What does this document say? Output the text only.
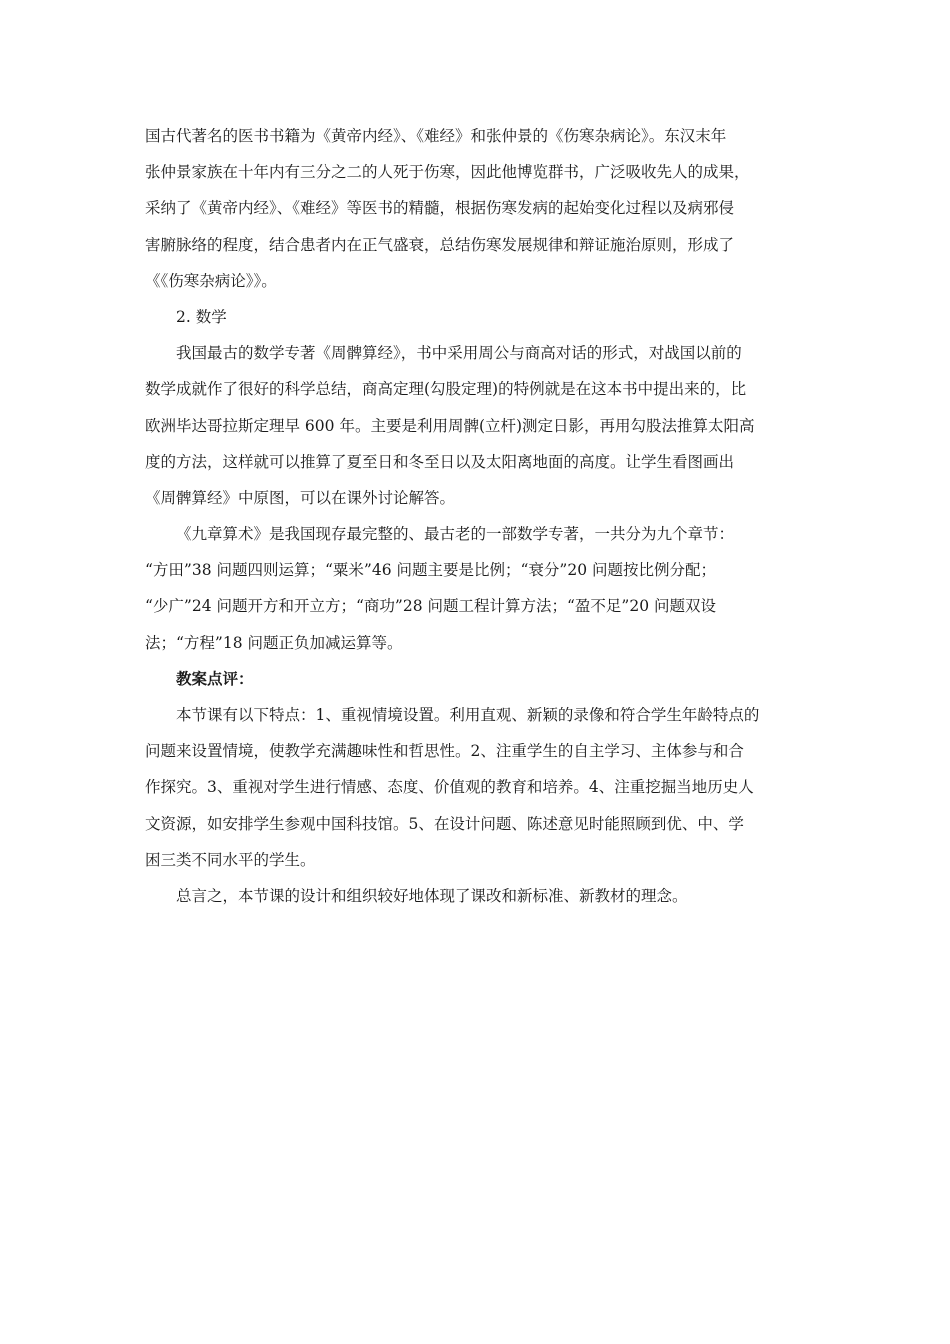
国古代著名的医书书籍为《黄帝内经》、《难经》和张仲景的《伤寒杂病论》。东汉末年
张仲景家族在十年内有三分之二的人死于伤寒，因此他博览群书，广泛吸收先人的成果，
采纳了《黄帝内经》、《难经》等医书的精髓，根据伤寒发病的起始变化过程以及病邪侵
害腑脉络的程度，结合患者内在正气盛衰，总结伤寒发展规律和辩证施治原则，形成了
《《伤寒杂病论》》。
2. 数学
我国最古的数学专著《周髀算经》，书中采用周公与商高对话的形式，对战国以前的
数学成就作了很好的科学总结，商高定理(勾股定理)的特例就是在这本书中提出来的，比
欧洲毕达哥拉斯定理早 600 年。主要是利用周髀(立杆)测定日影，再用勾股法推算太阳高
度的方法，这样就可以推算了夏至日和冬至日以及太阳离地面的高度。让学生看图画出
《周髀算经》中原图，可以在课外讨论解答。
《九章算术》是我国现存最完整的、最古老的一部数学专著，一共分为九个章节：
“方田”38 问题四则运算；“粟米”46 问题主要是比例；“衰分”20 问题按比例分配；
“少广”24 问题开方和开立方；“商功”28 问题工程计算方法；“盈不足”20 问题双设
法；“方程”18 问题正负加减运算等。
教案点评：
本节课有以下特点：1、重视情境设置。利用直观、新颖的录像和符合学生年龄特点的
问题来设置情境，使教学充满趣味性和哲思性。2、注重学生的自主学习、主体参与和合
作探究。3、重视对学生进行情感、态度、价值观的教育和培养。4、注重挖掘当地历史人
文资源，如安排学生参观中国科技馆。5、在设计问题、陈述意见时能照顾到优、中、学
困三类不同水平的学生。
总言之，本节课的设计和组织较好地体现了课改和新标准、新教材的理念。
